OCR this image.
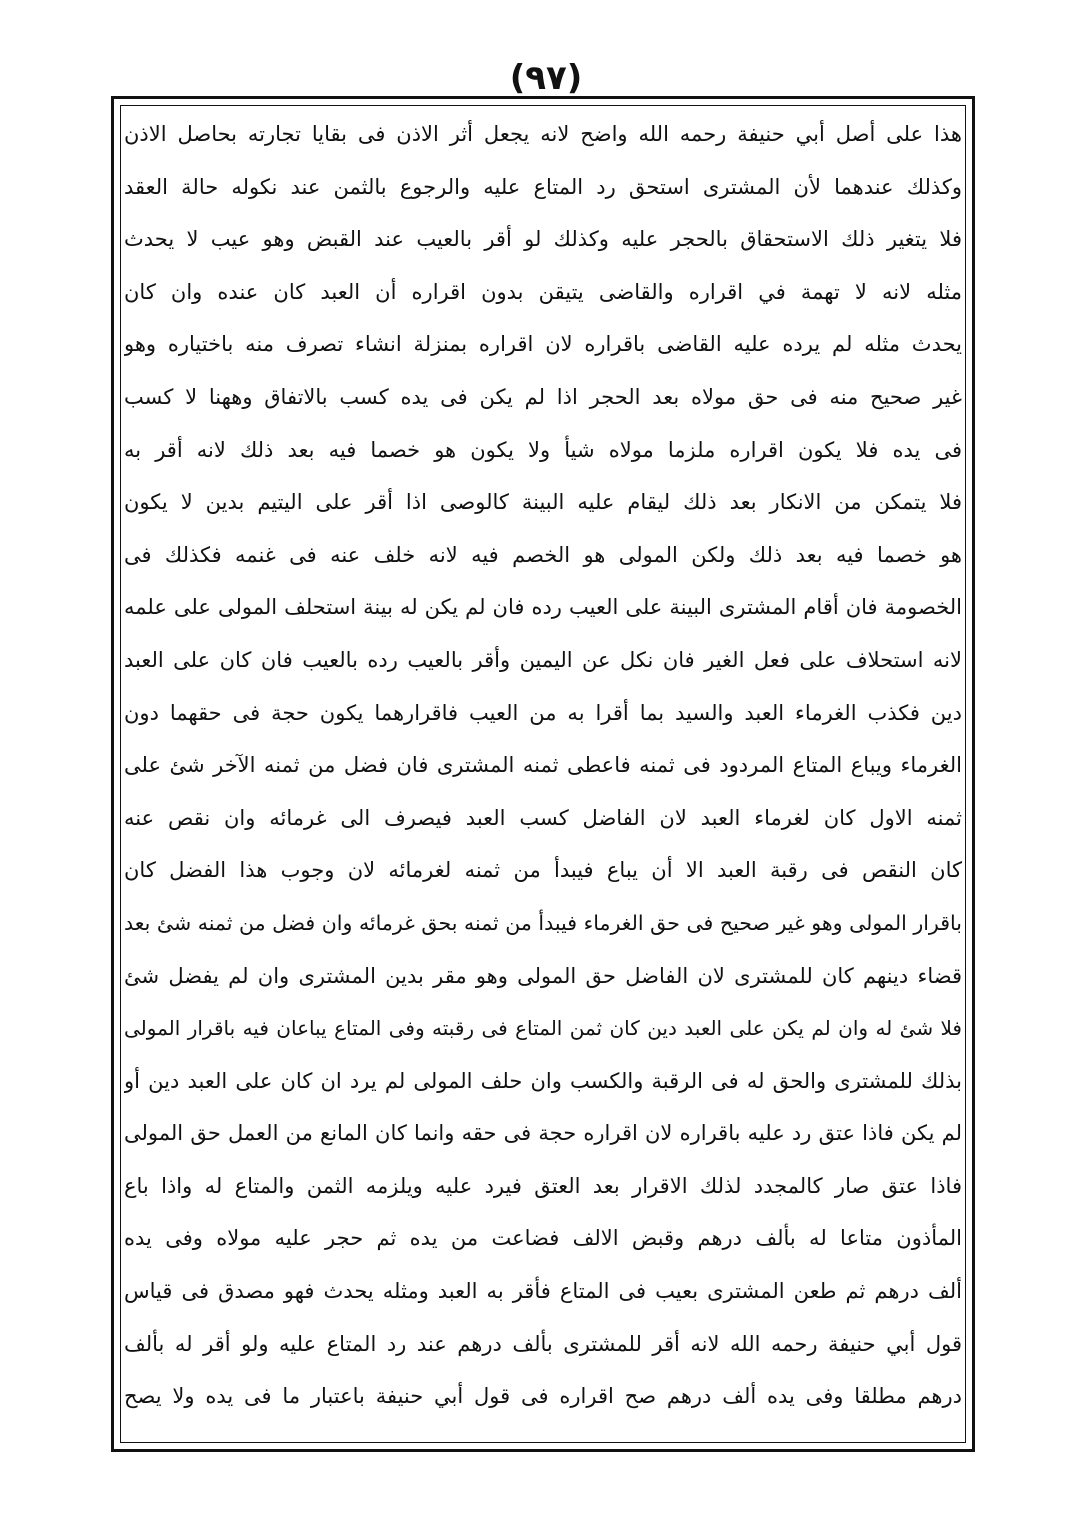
(٩٧)
هذا على أصل أبي حنيفة رحمه الله واضح لانه يجعل أثر الاذن فى بقايا تجارته بحاصل الاذن
وكذلك عندهما لأن المشترى استحق رد المتاع عليه والرجوع بالثمن عند نكوله حالة العقد
فلا يتغير ذلك الاستحقاق بالحجر عليه وكذلك لو أقر بالعيب عند القبض وهو عيب لا يحدث
مثله لانه لا تهمة في اقراره والقاضى يتيقن بدون اقراره أن العبد كان عنده وان كان
يحدث مثله لم يرده عليه القاضى باقراره لان اقراره بمنزلة انشاء تصرف منه باختياره وهو
غير صحيح منه فى حق مولاه بعد الحجر اذا لم يكن فى يده كسب بالاتفاق وههنا لا كسب
فى يده فلا يكون اقراره ملزما مولاه شيأ ولا يكون هو خصما فيه بعد ذلك لانه أقر به
فلا يتمكن من الانكار بعد ذلك ليقام عليه البينة كالوصى اذا أقر على اليتيم بدين لا يكون
هو خصما فيه بعد ذلك ولكن المولى هو الخصم فيه لانه خلف عنه فى غنمه فكذلك فى
الخصومة فان أقام المشترى البينة على العيب رده فان لم يكن له بينة استحلف المولى على علمه
لانه استحلاف على فعل الغير فان نكل عن اليمين وأقر بالعيب رده بالعيب فان كان على العبد
دين فكذب الغرماء العبد والسيد بما أقرا به من العيب فاقرارهما يكون حجة فى حقهما دون
الغرماء ويباع المتاع المردود فى ثمنه فاعطى ثمنه المشترى فان فضل من ثمنه الآخر شئ على
ثمنه الاول كان لغرماء العبد لان الفاضل كسب العبد فيصرف الى غرمائه وان نقص عنه
كان النقص فى رقبة العبد الا أن يباع فيبدأ من ثمنه لغرمائه لان وجوب هذا الفضل كان
باقرار المولى وهو غير صحيح فى حق الغرماء فيبدأ من ثمنه بحق غرمائه وان فضل من ثمنه شئ بعد
قضاء دينهم كان للمشترى لان الفاضل حق المولى وهو مقر بدين المشترى وان لم يفضل شئ
فلا شئ له وان لم يكن على العبد دين كان ثمن المتاع فى رقبته وفى المتاع يباعان فيه باقرار المولى
بذلك للمشترى والحق له فى الرقبة والكسب وان حلف المولى لم يرد ان كان على العبد دين أو
لم يكن فاذا عتق رد عليه باقراره لان اقراره حجة فى حقه وانما كان المانع من العمل حق المولى
فاذا عتق صار كالمجدد لذلك الاقرار بعد العتق فيرد عليه ويلزمه الثمن والمتاع له واذا باع
المأذون متاعا له بألف درهم وقبض الالف فضاعت من يده ثم حجر عليه مولاه وفى يده
ألف درهم ثم طعن المشترى بعيب فى المتاع فأقر به العبد ومثله يحدث فهو مصدق فى قياس
قول أبي حنيفة رحمه الله لانه أقر للمشترى بألف درهم عند رد المتاع عليه ولو أقر له بألف
درهم مطلقا وفى يده ألف درهم صح اقراره فى قول أبي حنيفة باعتبار ما فى يده ولا يصح
